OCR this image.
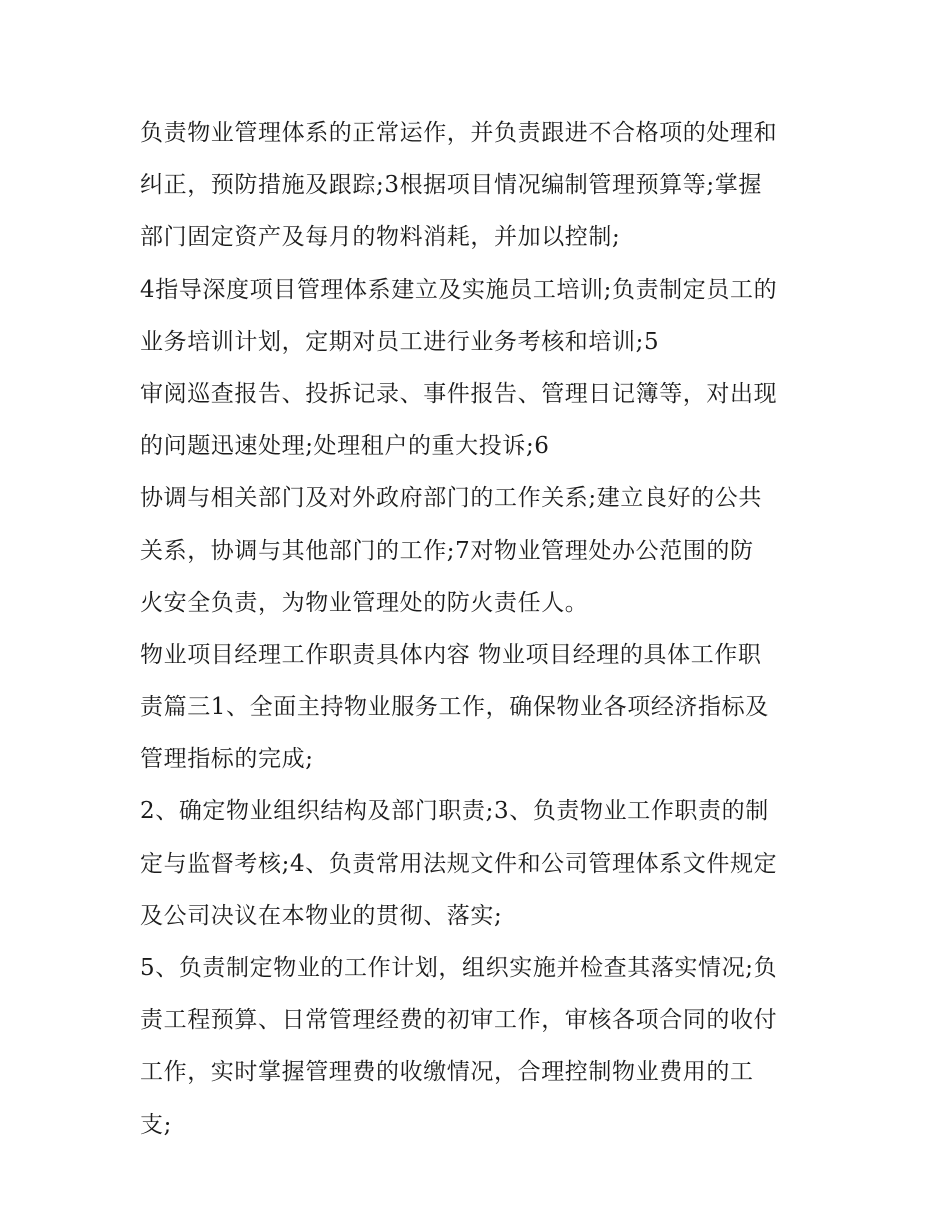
负责物业管理体系的正常运作，并负责跟进不合格项的处理和
纠正，预防措施及跟踪;3根据项目情况编制管理预算等;掌握
部门固定资产及每月的物料消耗，并加以控制;
4指导深度项目管理体系建立及实施员工培训;负责制定员工的
业务培训计划，定期对员工进行业务考核和培训;5
审阅巡查报告、投拆记录、事件报告、管理日记簿等，对出现
的问题迅速处理;处理租户的重大投诉;6
协调与相关部门及对外政府部门的工作关系;建立良好的公共
关系，协调与其他部门的工作;7对物业管理处办公范围的防
火安全负责，为物业管理处的防火责任人。
物业项目经理工作职责具体内容 物业项目经理的具体工作职
责篇三1、全面主持物业服务工作，确保物业各项经济指标及
管理指标的完成;
2、确定物业组织结构及部门职责;3、负责物业工作职责的制
定与监督考核;4、负责常用法规文件和公司管理体系文件规定
及公司决议在本物业的贯彻、落实;
5、负责制定物业的工作计划，组织实施并检查其落实情况;负
责工程预算、日常管理经费的初审工作，审核各项合同的收付
工作，实时掌握管理费的收缴情况，合理控制物业费用的工
支;
